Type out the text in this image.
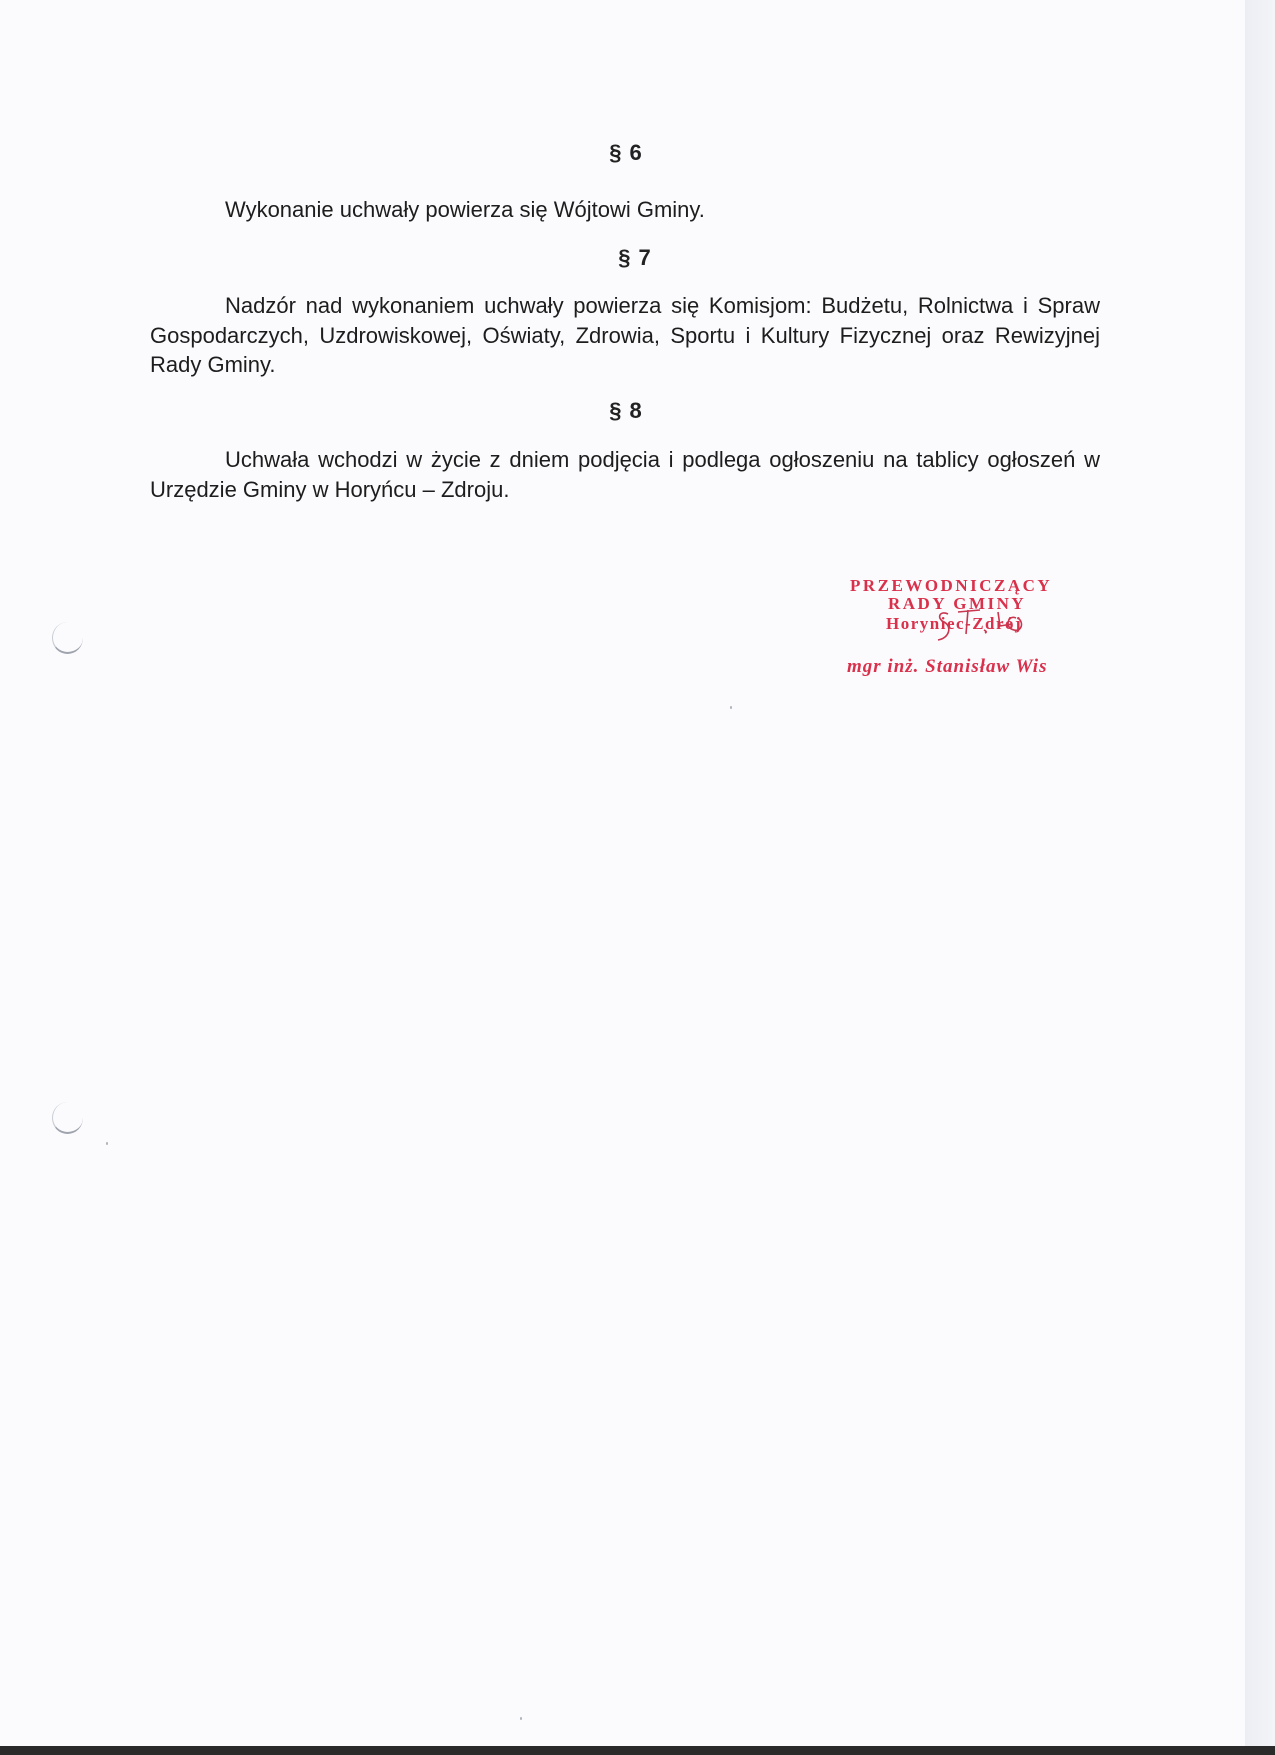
§ 6
Wykonanie uchwały powierza się Wójtowi Gminy.
§ 7
Nadzór nad wykonaniem uchwały powierza się Komisjom: Budżetu, Rolnictwa i Spraw Gospodarczych, Uzdrowiskowej, Oświaty, Zdrowia, Sportu i Kultury Fizycznej oraz Rewizyjnej Rady Gminy.
§ 8
Uchwała wchodzi w życie z dniem podjęcia i podlega ogłoszeniu na tablicy ogłoszeń w Urzędzie Gminy w Horyńcu – Zdroju.
PRZEWODNICZĄCY
RADY GMINY
Horyniec-Zdrój
mgr inż. Stanisław Wis
